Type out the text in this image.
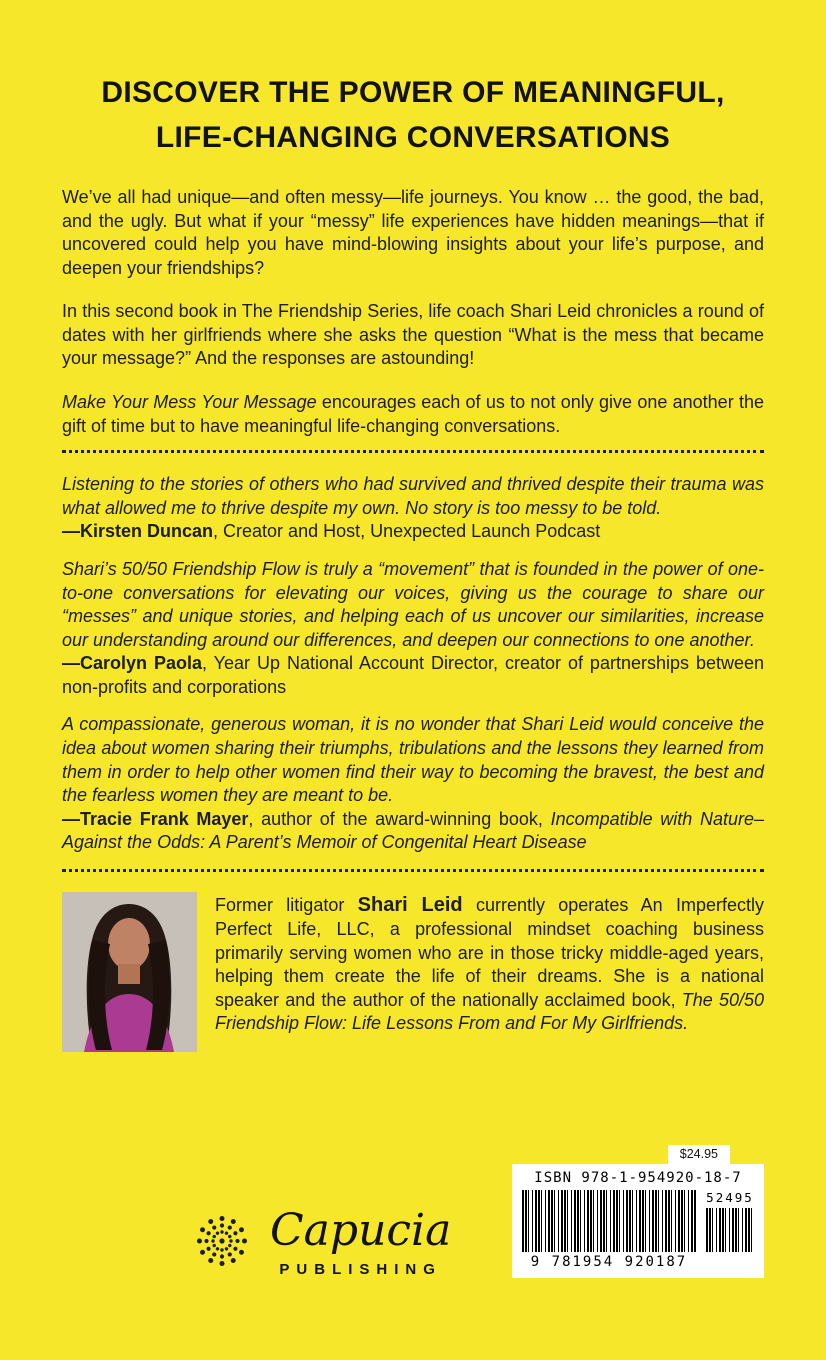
DISCOVER THE POWER OF MEANINGFUL,
LIFE-CHANGING CONVERSATIONS

We’ve all had unique—and often messy—life journeys. You know … the good, the bad, and the ugly. But what if your “messy” life experiences have hidden meanings—that if uncovered could help you have mind-blowing insights about your life’s purpose, and deepen your friendships?

In this second book in The Friendship Series, life coach Shari Leid chronicles a round of dates with her girlfriends where she asks the question “What is the mess that became your message?” And the responses are astounding!

Make Your Mess Your Message encourages each of us to not only give one another the gift of time but to have meaningful life-changing conversations.

Listening to the stories of others who had survived and thrived despite their trauma was what allowed me to thrive despite my own. No story is too messy to be told.

—Kirsten Duncan, Creator and Host, Unexpected Launch Podcast

Shari’s 50/50 Friendship Flow is truly a “movement” that is founded in the power of one-to-one conversations for elevating our voices, giving us the courage to share our “messes” and unique stories, and helping each of us uncover our similarities, increase our understanding around our differences, and deepen our connections to one another.

—Carolyn Paola, Year Up National Account Director, creator of partnerships between non-profits and corporations

A compassionate, generous woman, it is no wonder that Shari Leid would conceive the idea about women sharing their triumphs, tribulations and the lessons they learned from them in order to help other women find their way to becoming the bravest, the best and the fearless women they are meant to be.

—Tracie Frank Mayer, author of the award-winning book, Incompatible with Nature–Against the Odds: A Parent’s Memoir of Congenital Heart Disease

Former litigator Shari Leid currently operates An Imperfectly Perfect Life, LLC, a professional mindset coaching business primarily serving women who are in those tricky middle-aged years, helping them create the life of their dreams. She is a national speaker and the author of the nationally acclaimed book, The 50/50 Friendship Flow: Life Lessons From and For My Girlfriends.

Capucia
PUBLISHING
$24.95
ISBN 978-1-954920-18-7
9 781954 920187
52495
